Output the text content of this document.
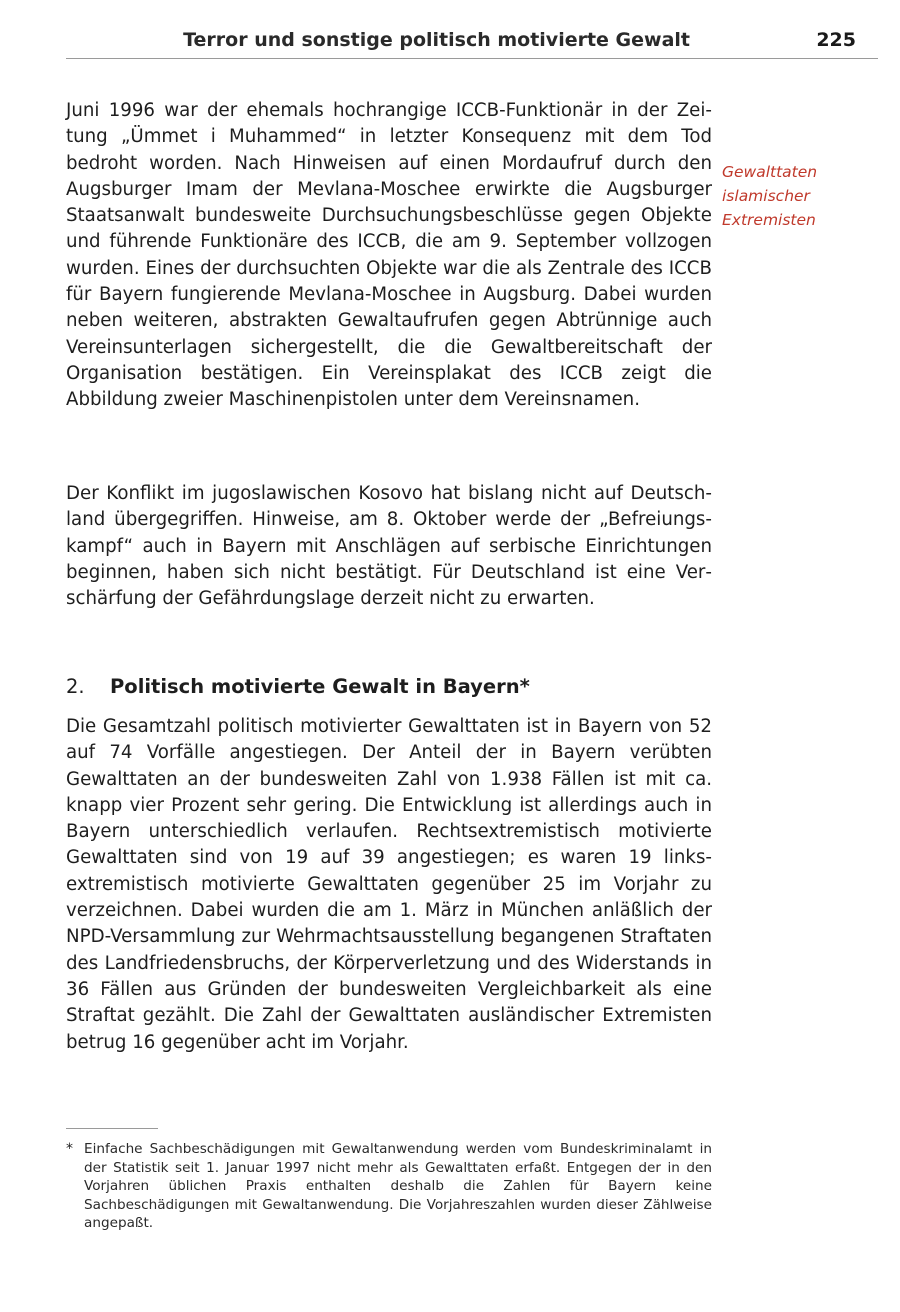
Terror und sonstige politisch motivierte Gewalt	225

Juni 1996 war der ehemals hochrangige ICCB-Funktionär in der Zeitung „Ümmet i Muhammed“ in letzter Konsequenz mit dem Tod bedroht worden. Nach Hinweisen auf einen Mordaufruf durch den Augsburger Imam der Mevlana-Moschee erwirkte die Augsburger Staatsanwalt bundesweite Durchsuchungsbeschlüsse gegen Objekte und führende Funktionäre des ICCB, die am 9. September vollzogen wurden. Eines der durchsuchten Objekte war die als Zentrale des ICCB für Bayern fungierende Mevlana-Moschee in Augsburg. Dabei wurden neben weiteren, abstrakten Gewaltaufrufen gegen Abtrünnige auch Vereinsunterlagen sichergestellt, die die Gewaltbereitschaft der Organisation bestätigen. Ein Vereinsplakat des ICCB zeigt die Abbildung zweier Maschinenpistolen unter dem Vereinsnamen.

Gewalttaten
islamischer
Extremisten

Der Konflikt im jugoslawischen Kosovo hat bislang nicht auf Deutschland übergegriffen. Hinweise, am 8. Oktober werde der „Befreiungskampf“ auch in Bayern mit Anschlägen auf serbische Einrichtungen beginnen, haben sich nicht bestätigt. Für Deutschland ist eine Verschärfung der Gefährdungslage derzeit nicht zu erwarten.

2. Politisch motivierte Gewalt in Bayern*

Die Gesamtzahl politisch motivierter Gewalttaten ist in Bayern von 52 auf 74 Vorfälle angestiegen. Der Anteil der in Bayern verübten Gewalttaten an der bundesweiten Zahl von 1.938 Fällen ist mit ca. knapp vier Prozent sehr gering. Die Entwicklung ist allerdings auch in Bayern unterschiedlich verlaufen. Rechtsextremistisch motivierte Gewalttaten sind von 19 auf 39 angestiegen; es waren 19 linksextremistisch motivierte Gewalttaten gegenüber 25 im Vorjahr zu verzeichnen. Dabei wurden die am 1. März in München anläßlich der NPD-Versammlung zur Wehrmachtsausstellung begangenen Straftaten des Landfriedensbruchs, der Körperverletzung und des Widerstands in 36 Fällen aus Gründen der bundesweiten Vergleichbarkeit als eine Straftat gezählt. Die Zahl der Gewalttaten ausländischer Extremisten betrug 16 gegenüber acht im Vorjahr.

* Einfache Sachbeschädigungen mit Gewaltanwendung werden vom Bundeskriminalamt in der Statistik seit 1. Januar 1997 nicht mehr als Gewalttaten erfaßt. Entgegen der in den Vorjahren üblichen Praxis enthalten deshalb die Zahlen für Bayern keine Sachbeschädigungen mit Gewaltanwendung. Die Vorjahreszahlen wurden dieser Zählweise angepaßt.
